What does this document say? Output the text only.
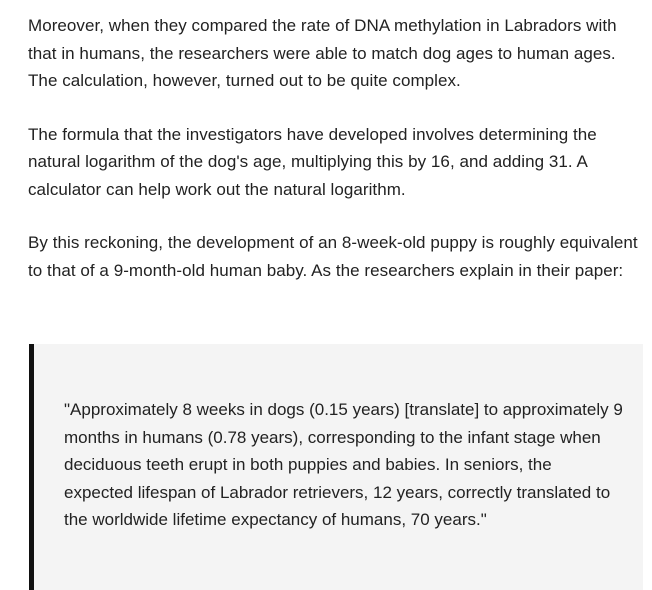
Moreover, when they compared the rate of DNA methylation in Labradors with that in humans, the researchers were able to match dog ages to human ages. The calculation, however, turned out to be quite complex.

The formula that the investigators have developed involves determining the natural logarithm of the dog's age, multiplying this by 16, and adding 31. A calculator can help work out the natural logarithm.

By this reckoning, the development of an 8-week-old puppy is roughly equivalent to that of a 9-month-old human baby. As the researchers explain in their paper:

"Approximately 8 weeks in dogs (0.15 years) [translate] to approximately 9 months in humans (0.78 years), corresponding to the infant stage when deciduous teeth erupt in both puppies and babies. In seniors, the expected lifespan of Labrador retrievers, 12 years, correctly translated to the worldwide lifetime expectancy of humans, 70 years."
